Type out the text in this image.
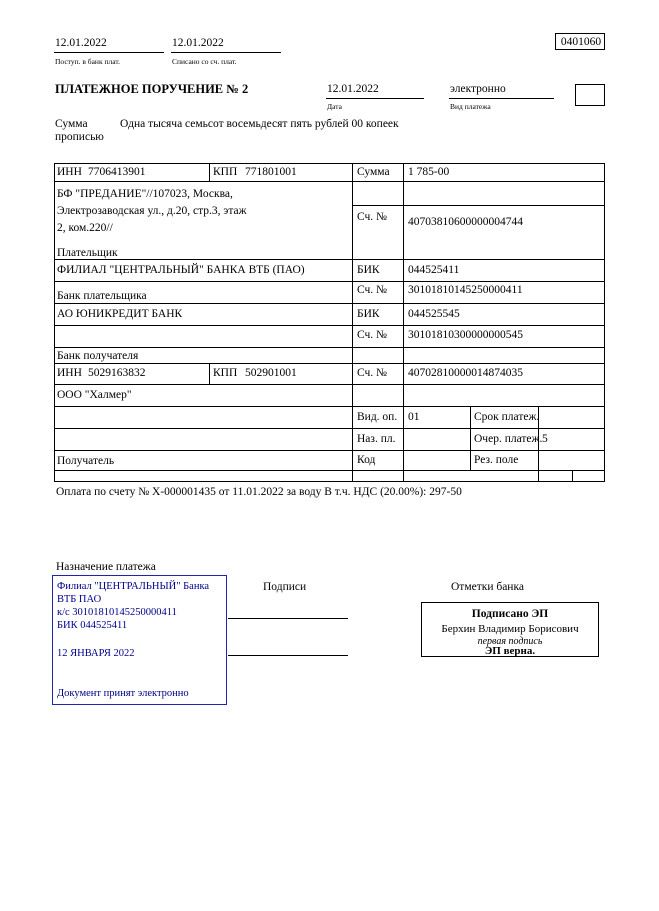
12.01.2022
Поступ. в банк плат.
12.01.2022
Списано со сч. плат.
0401060
ПЛАТЕЖНОЕ ПОРУЧЕНИЕ № 2	12.01.2022
Дата
электронно
Вид платежа
Сумма
прописью
Одна тысяча семьсот восемьдесят пять рублей 00 копеек
ИНН 7706413901	КПП 771801001	Сумма 1 785-00
БФ "ПРЕДАНИЕ"//107023, Москва,
Электрозаводская ул., д.20, стр.3, этаж
2, ком.220//
Плательщик
Сч. № 40703810600000004744
ФИЛИАЛ "ЦЕНТРАЛЬНЫЙ" БАНКА ВТБ (ПАО)
Банк плательщика
БИК 044525411
Сч. № 30101810145250000411
АО ЮНИКРЕДИТ БАНК
Банк получателя
БИК 044525545
Сч. № 30101810300000000545
ИНН 5029163832	КПП 502901001	Сч. № 40702810000014874035
ООО "Халмер"
Получатель
Вид. оп. 01	Срок платеж.
Наз. пл.	Очер. платеж. 5
Код	Рез. поле
Оплата по счету № Х-000001435 от 11.01.2022 за воду В т.ч. НДС (20.00%): 297-50
Назначение платежа
Подписи	Отметки банка
Филиал "ЦЕНТРАЛЬНЫЙ" Банка
ВТБ ПАО
к/с 30101810145250000411
БИК 044525411
12 ЯНВАРЯ 2022
Документ принят электронно
Подписано ЭП
Берхин Владимир Борисович
первая подпись
ЭП верна.
